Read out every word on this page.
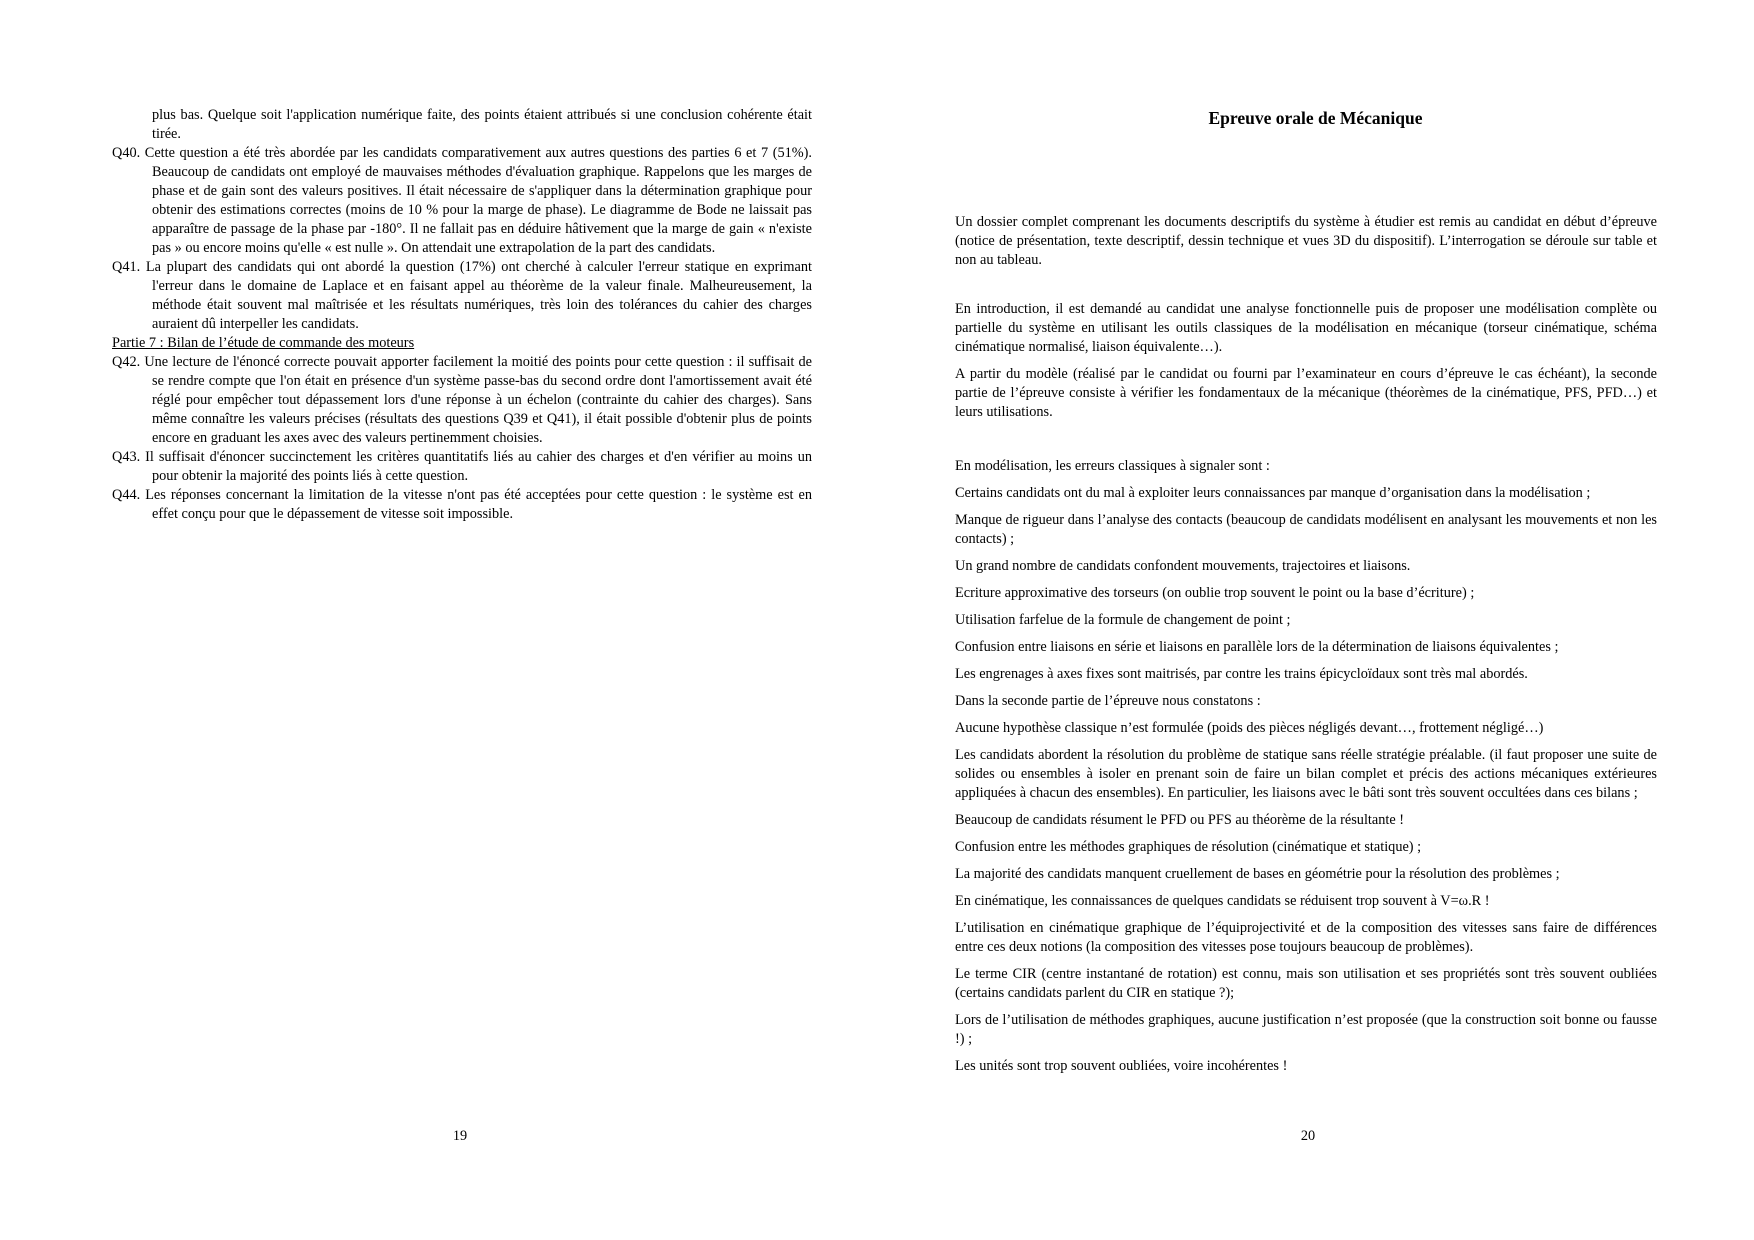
plus bas. Quelque soit l'application numérique faite, des points étaient attribués si une conclusion cohérente était tirée.

Q40. Cette question a été très abordée par les candidats comparativement aux autres questions des parties 6 et 7 (51%). Beaucoup de candidats ont employé de mauvaises méthodes d'évaluation graphique. Rappelons que les marges de phase et de gain sont des valeurs positives. Il était nécessaire de s'appliquer dans la détermination graphique pour obtenir des estimations correctes (moins de 10 % pour la marge de phase). Le diagramme de Bode ne laissait pas apparaître de passage de la phase par -180°. Il ne fallait pas en déduire hâtivement que la marge de gain « n'existe pas » ou encore moins qu'elle « est nulle ». On attendait une extrapolation de la part des candidats.

Q41. La plupart des candidats qui ont abordé la question (17%) ont cherché à calculer l'erreur statique en exprimant l'erreur dans le domaine de Laplace et en faisant appel au théorème de la valeur finale. Malheureusement, la méthode était souvent mal maîtrisée et les résultats numériques, très loin des tolérances du cahier des charges auraient dû interpeller les candidats.

Partie 7 : Bilan de l’étude de commande des moteurs

Q42. Une lecture de l'énoncé correcte pouvait apporter facilement la moitié des points pour cette question : il suffisait de se rendre compte que l'on était en présence d'un système passe-bas du second ordre dont l'amortissement avait été réglé pour empêcher tout dépassement lors d'une réponse à un échelon (contrainte du cahier des charges). Sans même connaître les valeurs précises (résultats des questions Q39 et Q41), il était possible d'obtenir plus de points encore en graduant les axes avec des valeurs pertinemment choisies.

Q43. Il suffisait d'énoncer succinctement les critères quantitatifs liés au cahier des charges et d'en vérifier au moins un pour obtenir la majorité des points liés à cette question.

Q44. Les réponses concernant la limitation de la vitesse n'ont pas été acceptées pour cette question : le système est en effet conçu pour que le dépassement de vitesse soit impossible.

19
Epreuve orale de Mécanique

Un dossier complet comprenant les documents descriptifs du système à étudier est remis au candidat en début d’épreuve (notice de présentation, texte descriptif, dessin technique et vues 3D du dispositif). L’interrogation se déroule sur table et non au tableau.

En introduction, il est demandé au candidat une analyse fonctionnelle puis de proposer une modélisation complète ou partielle du système en utilisant les outils classiques de la modélisation en mécanique (torseur cinématique, schéma cinématique normalisé, liaison équivalente…).

A partir du modèle (réalisé par le candidat ou fourni par l’examinateur en cours d’épreuve le cas échéant), la seconde partie de l’épreuve consiste à vérifier les fondamentaux de la mécanique (théorèmes de la cinématique, PFS, PFD…) et leurs utilisations.

En modélisation, les erreurs classiques à signaler sont :

Certains candidats ont du mal à exploiter leurs connaissances par manque d’organisation dans la modélisation ;

Manque de rigueur dans l’analyse des contacts (beaucoup de candidats modélisent en analysant les mouvements et non les contacts) ;

Un grand nombre de candidats confondent mouvements, trajectoires et liaisons.

Ecriture approximative des torseurs (on oublie trop souvent le point ou la base d’écriture) ;

Utilisation farfelue de la formule de changement de point ;

Confusion entre liaisons en série et liaisons en parallèle lors de la détermination de liaisons équivalentes ;

Les engrenages à axes fixes sont maitrisés, par contre les trains épicycloïdaux sont très mal abordés.

Dans la seconde partie de l’épreuve nous constatons :

Aucune hypothèse classique n’est formulée (poids des pièces négligés devant…, frottement négligé…)

Les candidats abordent la résolution du problème de statique sans réelle stratégie préalable. (il faut proposer une suite de solides ou ensembles à isoler en prenant soin de faire un bilan complet et précis des actions mécaniques extérieures appliquées à chacun des ensembles). En particulier, les liaisons avec le bâti sont très souvent occultées dans ces bilans ;

Beaucoup de candidats résument le PFD ou PFS au théorème de la résultante !

Confusion entre les méthodes graphiques de résolution (cinématique et statique) ;

La majorité des candidats manquent cruellement de bases en géométrie pour la résolution des problèmes ;

En cinématique, les connaissances de quelques candidats se réduisent trop souvent à V=ω.R !

L’utilisation en cinématique graphique de l’équiprojectivité et de la composition des vitesses sans faire de différences entre ces deux notions (la composition des vitesses pose toujours beaucoup de problèmes).

Le terme CIR (centre instantané de rotation) est connu, mais son utilisation et ses propriétés sont très souvent oubliées (certains candidats parlent du CIR en statique ?);

Lors de l’utilisation de méthodes graphiques, aucune justification n’est proposée (que la construction soit bonne ou fausse !) ;

Les unités sont trop souvent oubliées, voire incohérentes !

20
